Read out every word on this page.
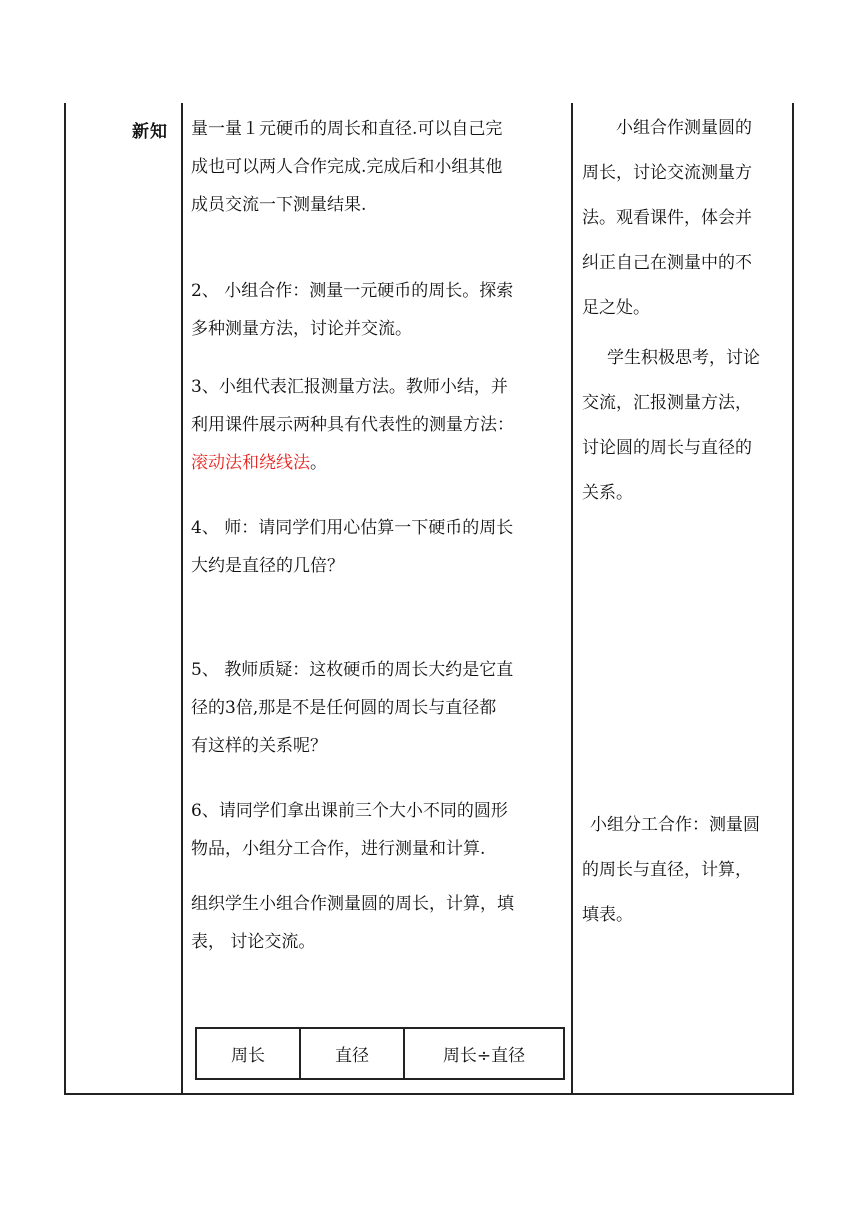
新知 量一量１元硬币的周长和直径.可以自己完

成也可以两人合作完成.完成后和小组其他

成员交流一下测量结果.

2、 小组合作：测量一元硬币的周长。探索

多种测量方法，讨论并交流。

3、小组代表汇报测量方法。教师小结，并

利用课件展示两种具有代表性的测量方法：

滚动法和绕线法。

4、 师：请同学们用心估算一下硬币的周长

大约是直径的几倍？

5、 教师质疑：这枚硬币的周长大约是它直

径的3倍,那是不是任何圆的周长与直径都

有这样的关系呢？

6、请同学们拿出课前三个大小不同的圆形

物品，小组分工合作，进行测量和计算.

组织学生小组合作测量圆的周长，计算，填

表， 讨论交流。

周长	直径	周长÷直径

小组合作测量圆的

周长，讨论交流测量方

法。观看课件，体会并

纠正自己在测量中的不

足之处。

学生积极思考，讨论

交流，汇报测量方法，

讨论圆的周长与直径的

关系。

小组分工合作：测量圆

的周长与直径，计算，

填表。
